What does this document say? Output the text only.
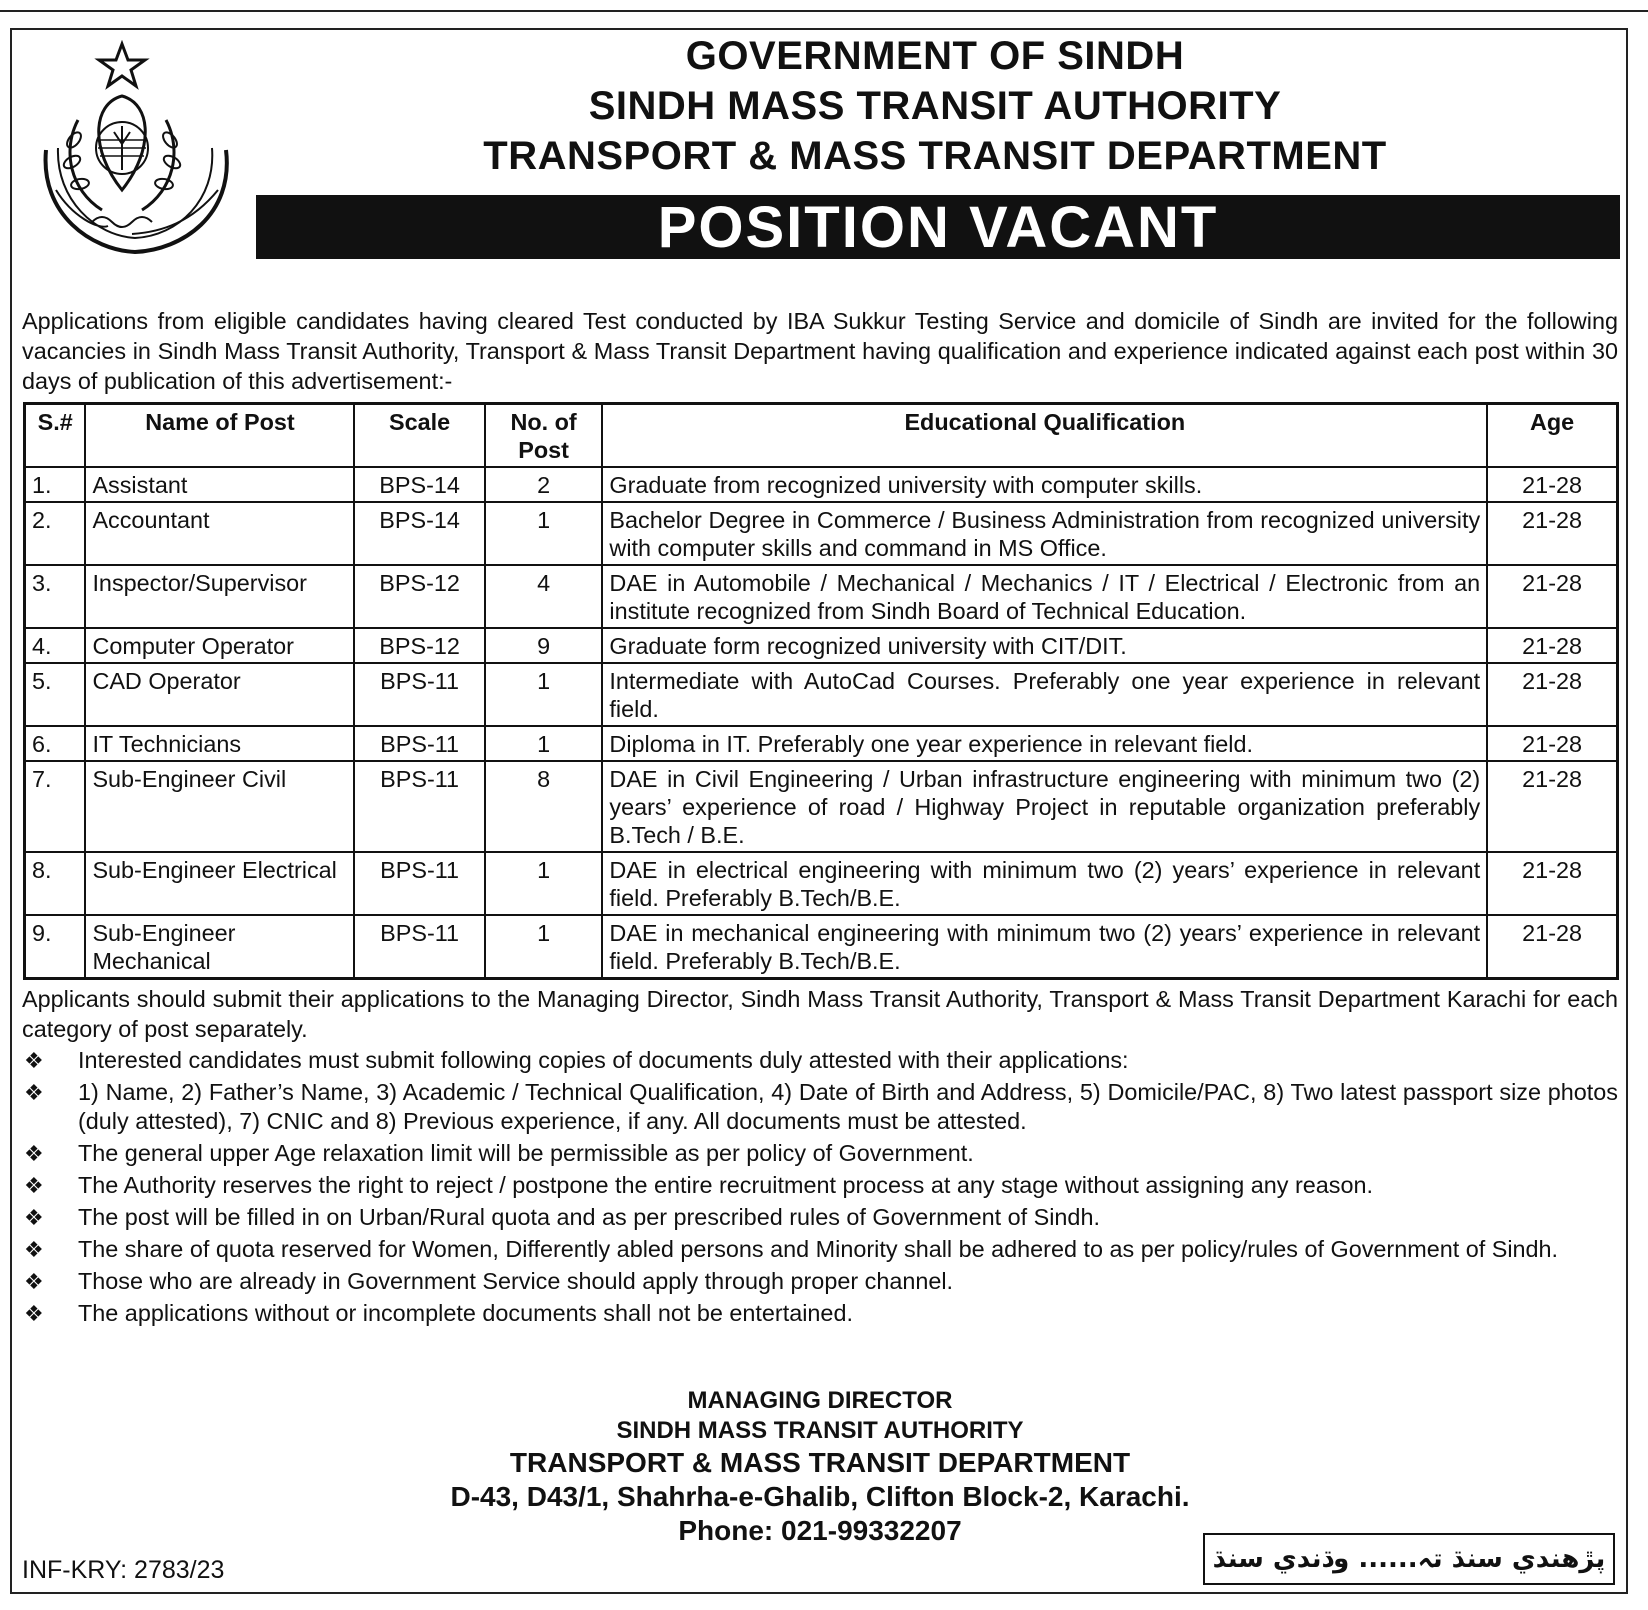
GOVERNMENT OF SINDH
SINDH MASS TRANSIT AUTHORITY
TRANSPORT & MASS TRANSIT DEPARTMENT
POSITION VACANT
Applications from eligible candidates having cleared Test conducted by IBA Sukkur Testing Service and domicile of Sindh are invited for the following vacancies in Sindh Mass Transit Authority, Transport & Mass Transit Department having qualification and experience indicated against each post within 30 days of publication of this advertisement:-
S.#	Name of Post	Scale	No. of Post	Educational Qualification	Age
1.	Assistant	BPS-14	2	Graduate from recognized university with computer skills.	21-28
2.	Accountant	BPS-14	1	Bachelor Degree in Commerce / Business Administration from recognized university with computer skills and command in MS Office.	21-28
3.	Inspector/Supervisor	BPS-12	4	DAE in Automobile / Mechanical / Mechanics / IT / Electrical / Electronic from an institute recognized from Sindh Board of Technical Education.	21-28
4.	Computer Operator	BPS-12	9	Graduate form recognized university with CIT/DIT.	21-28
5.	CAD Operator	BPS-11	1	Intermediate with AutoCad Courses. Preferably one year experience in relevant field.	21-28
6.	IT Technicians	BPS-11	1	Diploma in IT. Preferably one year experience in relevant field.	21-28
7.	Sub-Engineer Civil	BPS-11	8	DAE in Civil Engineering / Urban infrastructure engineering with minimum two (2) years’ experience of road / Highway Project in reputable organization preferably B.Tech / B.E.	21-28
8.	Sub-Engineer Electrical	BPS-11	1	DAE in electrical engineering with minimum two (2) years’ experience in relevant field. Preferably B.Tech/B.E.	21-28
9.	Sub-Engineer Mechanical	BPS-11	1	DAE in mechanical engineering with minimum two (2) years’ experience in relevant field. Preferably B.Tech/B.E.	21-28
Applicants should submit their applications to the Managing Director, Sindh Mass Transit Authority, Transport & Mass Transit Department Karachi for each category of post separately.
❖ Interested candidates must submit following copies of documents duly attested with their applications:
❖ 1) Name, 2) Father’s Name, 3) Academic / Technical Qualification, 4) Date of Birth and Address, 5) Domicile/PAC, 8) Two latest passport size photos (duly attested), 7) CNIC and 8) Previous experience, if any. All documents must be attested.
❖ The general upper Age relaxation limit will be permissible as per policy of Government.
❖ The Authority reserves the right to reject / postpone the entire recruitment process at any stage without assigning any reason.
❖ The post will be filled in on Urban/Rural quota and as per prescribed rules of Government of Sindh.
❖ The share of quota reserved for Women, Differently abled persons and Minority shall be adhered to as per policy/rules of Government of Sindh.
❖ Those who are already in Government Service should apply through proper channel.
❖ The applications without or incomplete documents shall not be entertained.
MANAGING DIRECTOR
SINDH MASS TRANSIT AUTHORITY
TRANSPORT & MASS TRANSIT DEPARTMENT
D-43, D43/1, Shahrha-e-Ghalib, Clifton Block-2, Karachi.
Phone: 021-99332207
INF-KRY: 2783/23	پڙهندي سنڌ تہ...... وڌندي سنڌ
